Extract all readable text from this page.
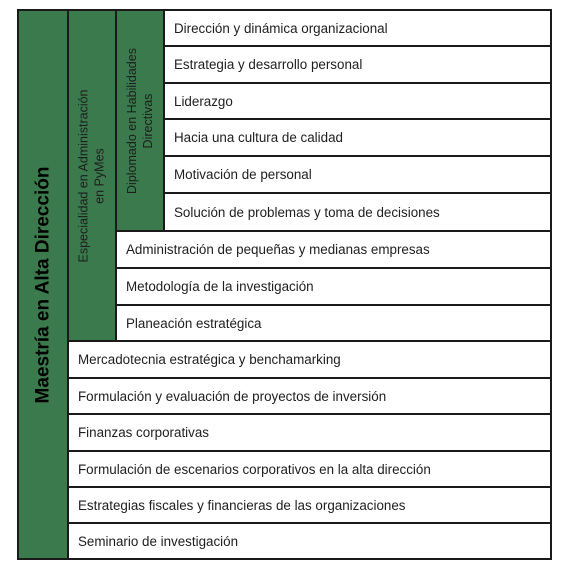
Maestría en Alta Dirección Especialidad en Administración en PyMes Diplomado en Habilidades Directivas
Dirección y dinámica organizacional
Estrategia y desarrollo personal
Liderazgo
Hacia una cultura de calidad
Motivación de personal
Solución de problemas y toma de decisiones
Administración de pequeñas y medianas empresas
Metodología de la investigación
Planeación estratégica
Mercadotecnia estratégica y benchamarking
Formulación y evaluación de proyectos de inversión
Finanzas corporativas
Formulación de escenarios corporativos en la alta dirección
Estrategias fiscales y financieras de las organizaciones
Seminario de investigación
